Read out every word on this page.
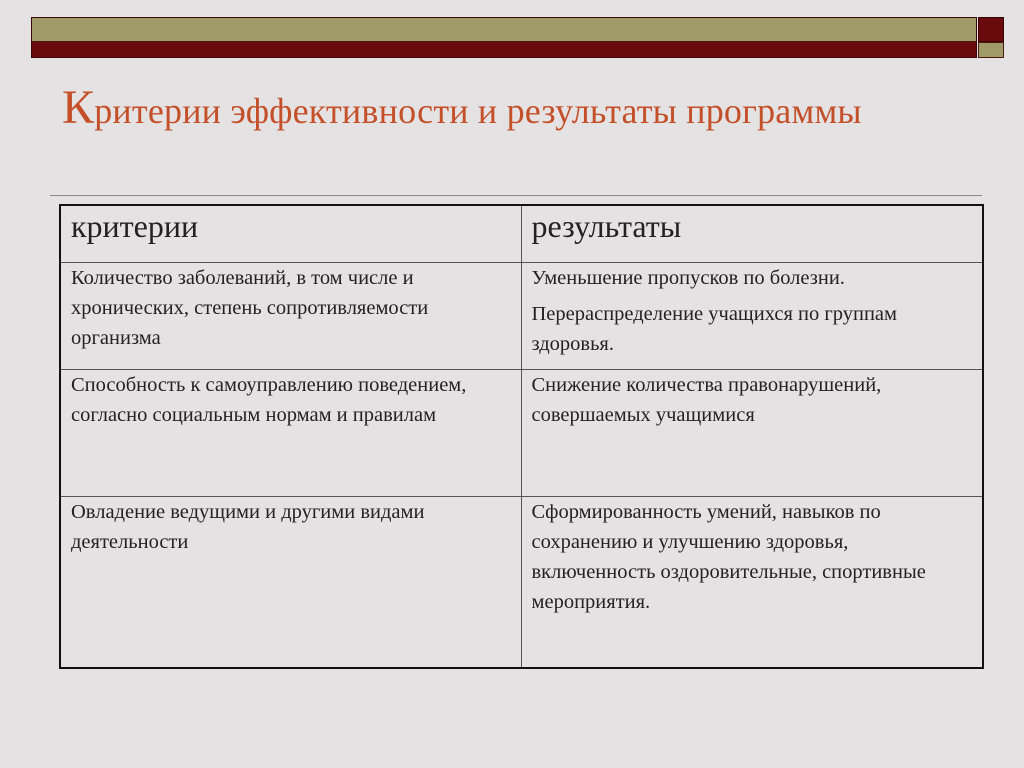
Критерии эффективности и результаты программы
критерии	результаты

Количество заболеваний, в том числе и хронических, степень сопротивляемости организма	Уменьшение пропусков по болезни.
Перераспределение учащихся по группам здоровья.

Способность к самоуправлению поведением, согласно социальным нормам и правилам	Снижение количества правонарушений, совершаемых учащимися

Овладение ведущими и другими видами деятельности	Сформированность умений, навыков по сохранению и улучшению здоровья, включенность оздоровительные, спортивные мероприятия.
